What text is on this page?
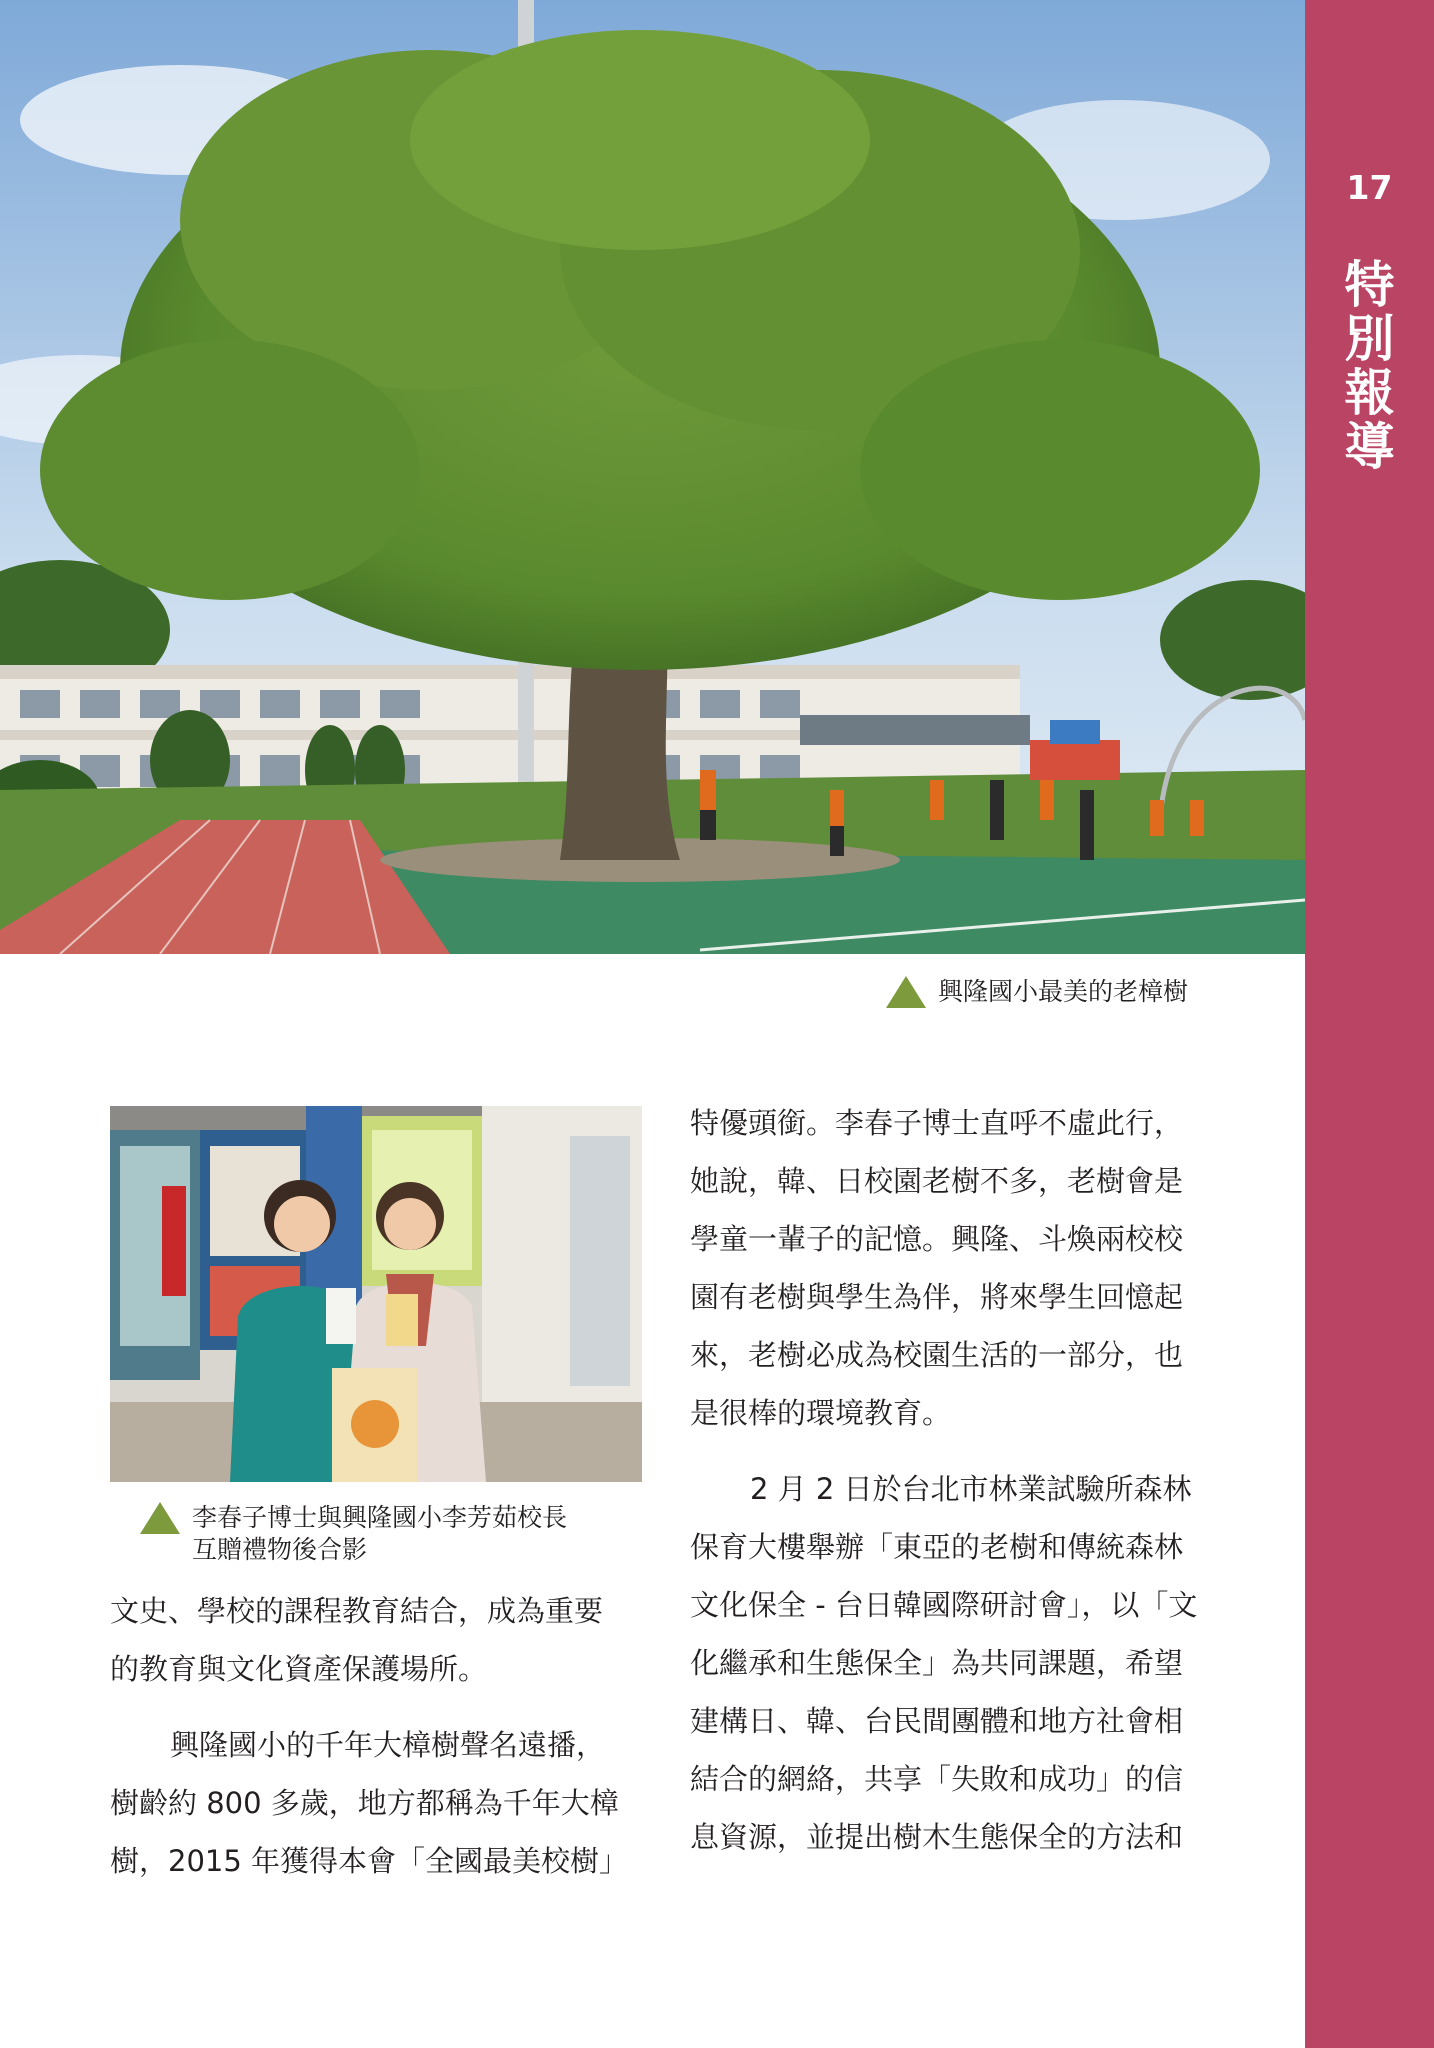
興隆國小最美的老樟樹
17
特
別
報
導
李春子博士與興隆國小李芳茹校長
互贈禮物後合影

文史、學校的課程教育結合，成為重要

的教育與文化資產保護場所。

興隆國小的千年大樟樹聲名遠播，

樹齡約 800 多歲，地方都稱為千年大樟

樹，2015 年獲得本會「全國最美校樹」

特優頭銜。李春子博士直呼不虛此行，

她說，韓、日校園老樹不多，老樹會是

學童一輩子的記憶。興隆、斗煥兩校校

園有老樹與學生為伴，將來學生回憶起

來，老樹必成為校園生活的一部分，也

是很棒的環境教育。

2 月 2 日於台北市林業試驗所森林

保育大樓舉辦「東亞的老樹和傳統森林

文化保全 - 台日韓國際研討會」，以「文

化繼承和生態保全」為共同課題，希望

建構日、韓、台民間團體和地方社會相

結合的網絡，共享「失敗和成功」的信

息資源，並提出樹木生態保全的方法和
